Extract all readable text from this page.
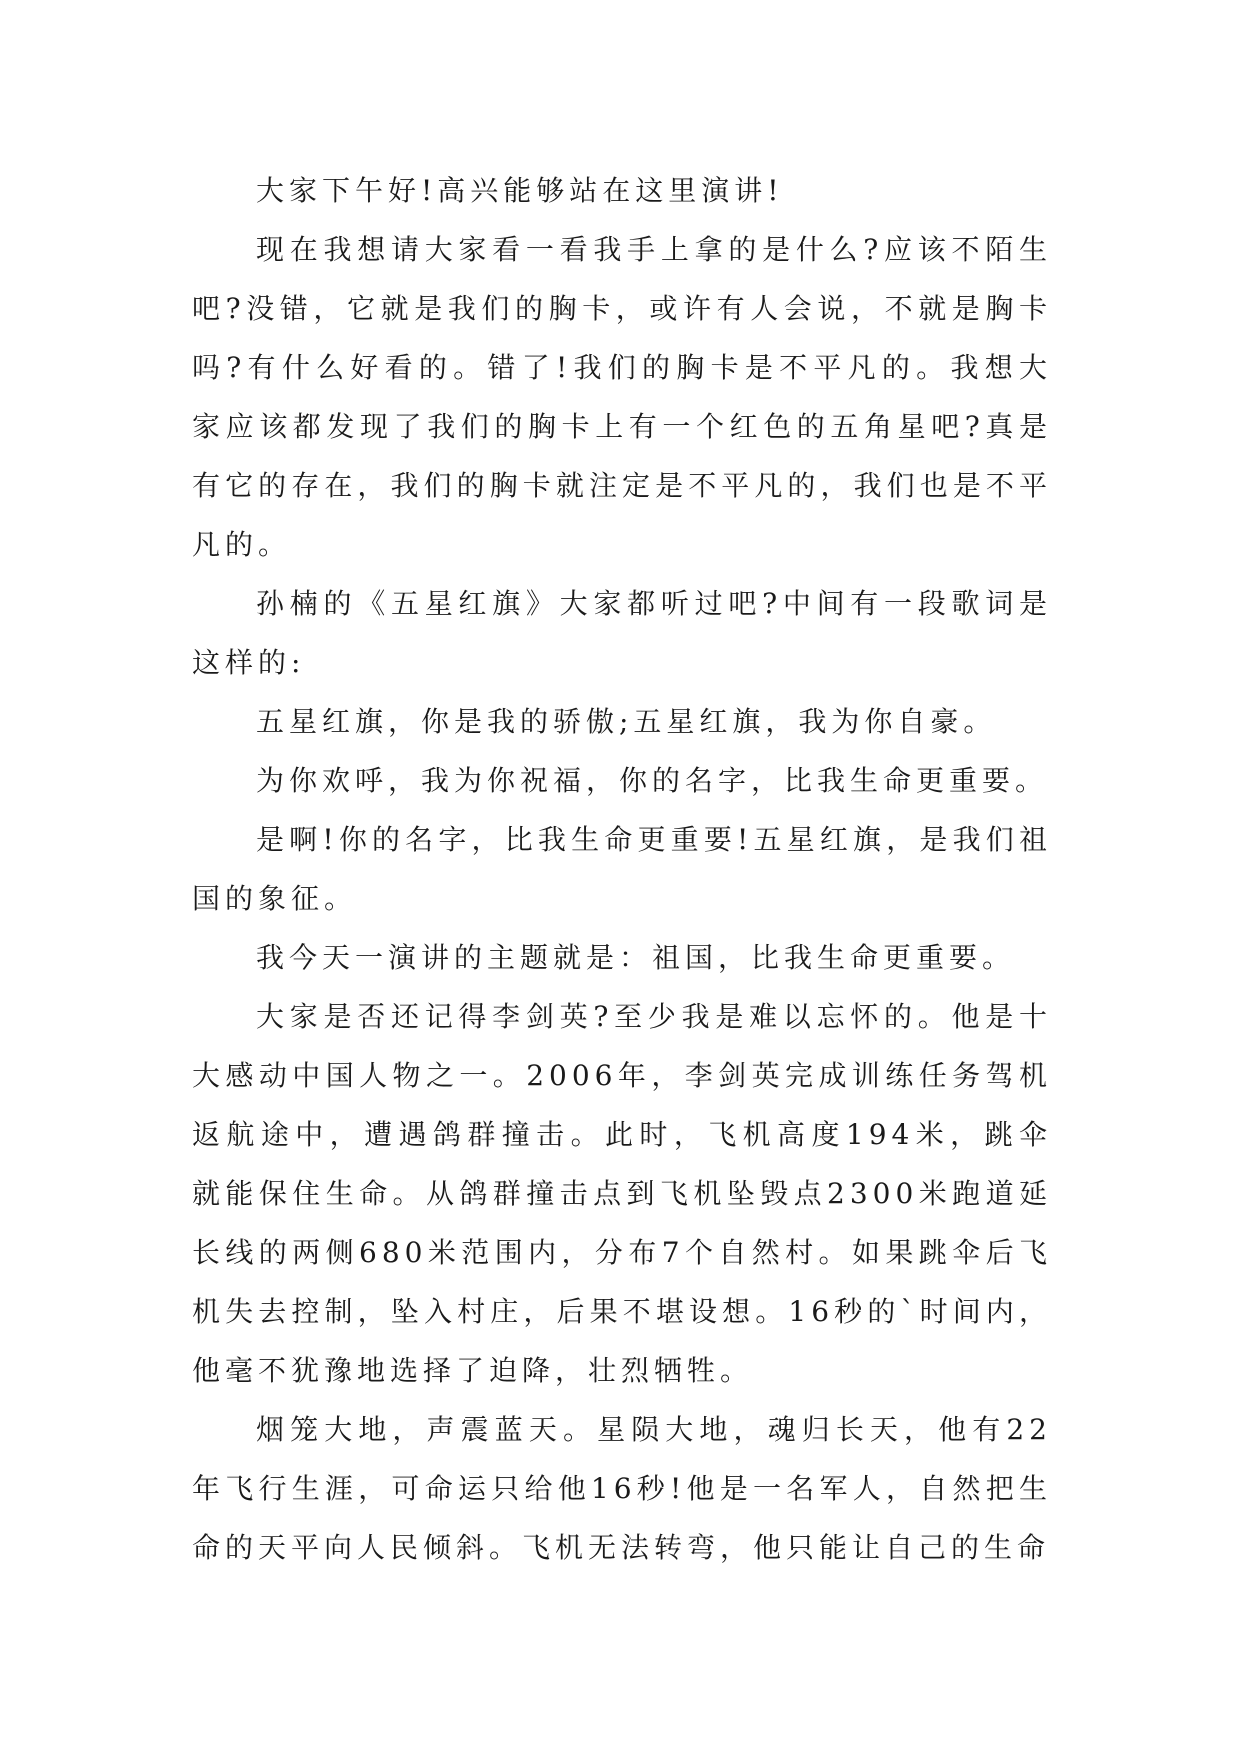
大家下午好!高兴能够站在这里演讲!

现在我想请大家看一看我手上拿的是什么?应该不陌生吧?没错，它就是我们的胸卡，或许有人会说，不就是胸卡吗?有什么好看的。错了!我们的胸卡是不平凡的。我想大家应该都发现了我们的胸卡上有一个红色的五角星吧?真是有它的存在，我们的胸卡就注定是不平凡的，我们也是不平凡的。

孙楠的《五星红旗》大家都听过吧?中间有一段歌词是这样的:

五星红旗，你是我的骄傲;五星红旗，我为你自豪。

为你欢呼，我为你祝福，你的名字，比我生命更重要。

是啊!你的名字，比我生命更重要!五星红旗，是我们祖国的象征。

我今天一演讲的主题就是：祖国，比我生命更重要。

大家是否还记得李剑英?至少我是难以忘怀的。他是十大感动中国人物之一。2006年，李剑英完成训练任务驾机返航途中，遭遇鸽群撞击。此时，飞机高度194米，跳伞就能保住生命。从鸽群撞击点到飞机坠毁点2300米跑道延长线的两侧680米范围内，分布7个自然村。如果跳伞后飞机失去控制，坠入村庄，后果不堪设想。16秒的`时间内，他毫不犹豫地选择了迫降，壮烈牺牲。

烟笼大地，声震蓝天。星陨大地，魂归长天，他有22年飞行生涯，可命运只给他16秒!他是一名军人，自然把生命的天平向人民倾斜。飞机无法转弯，他只能让自己的生命
